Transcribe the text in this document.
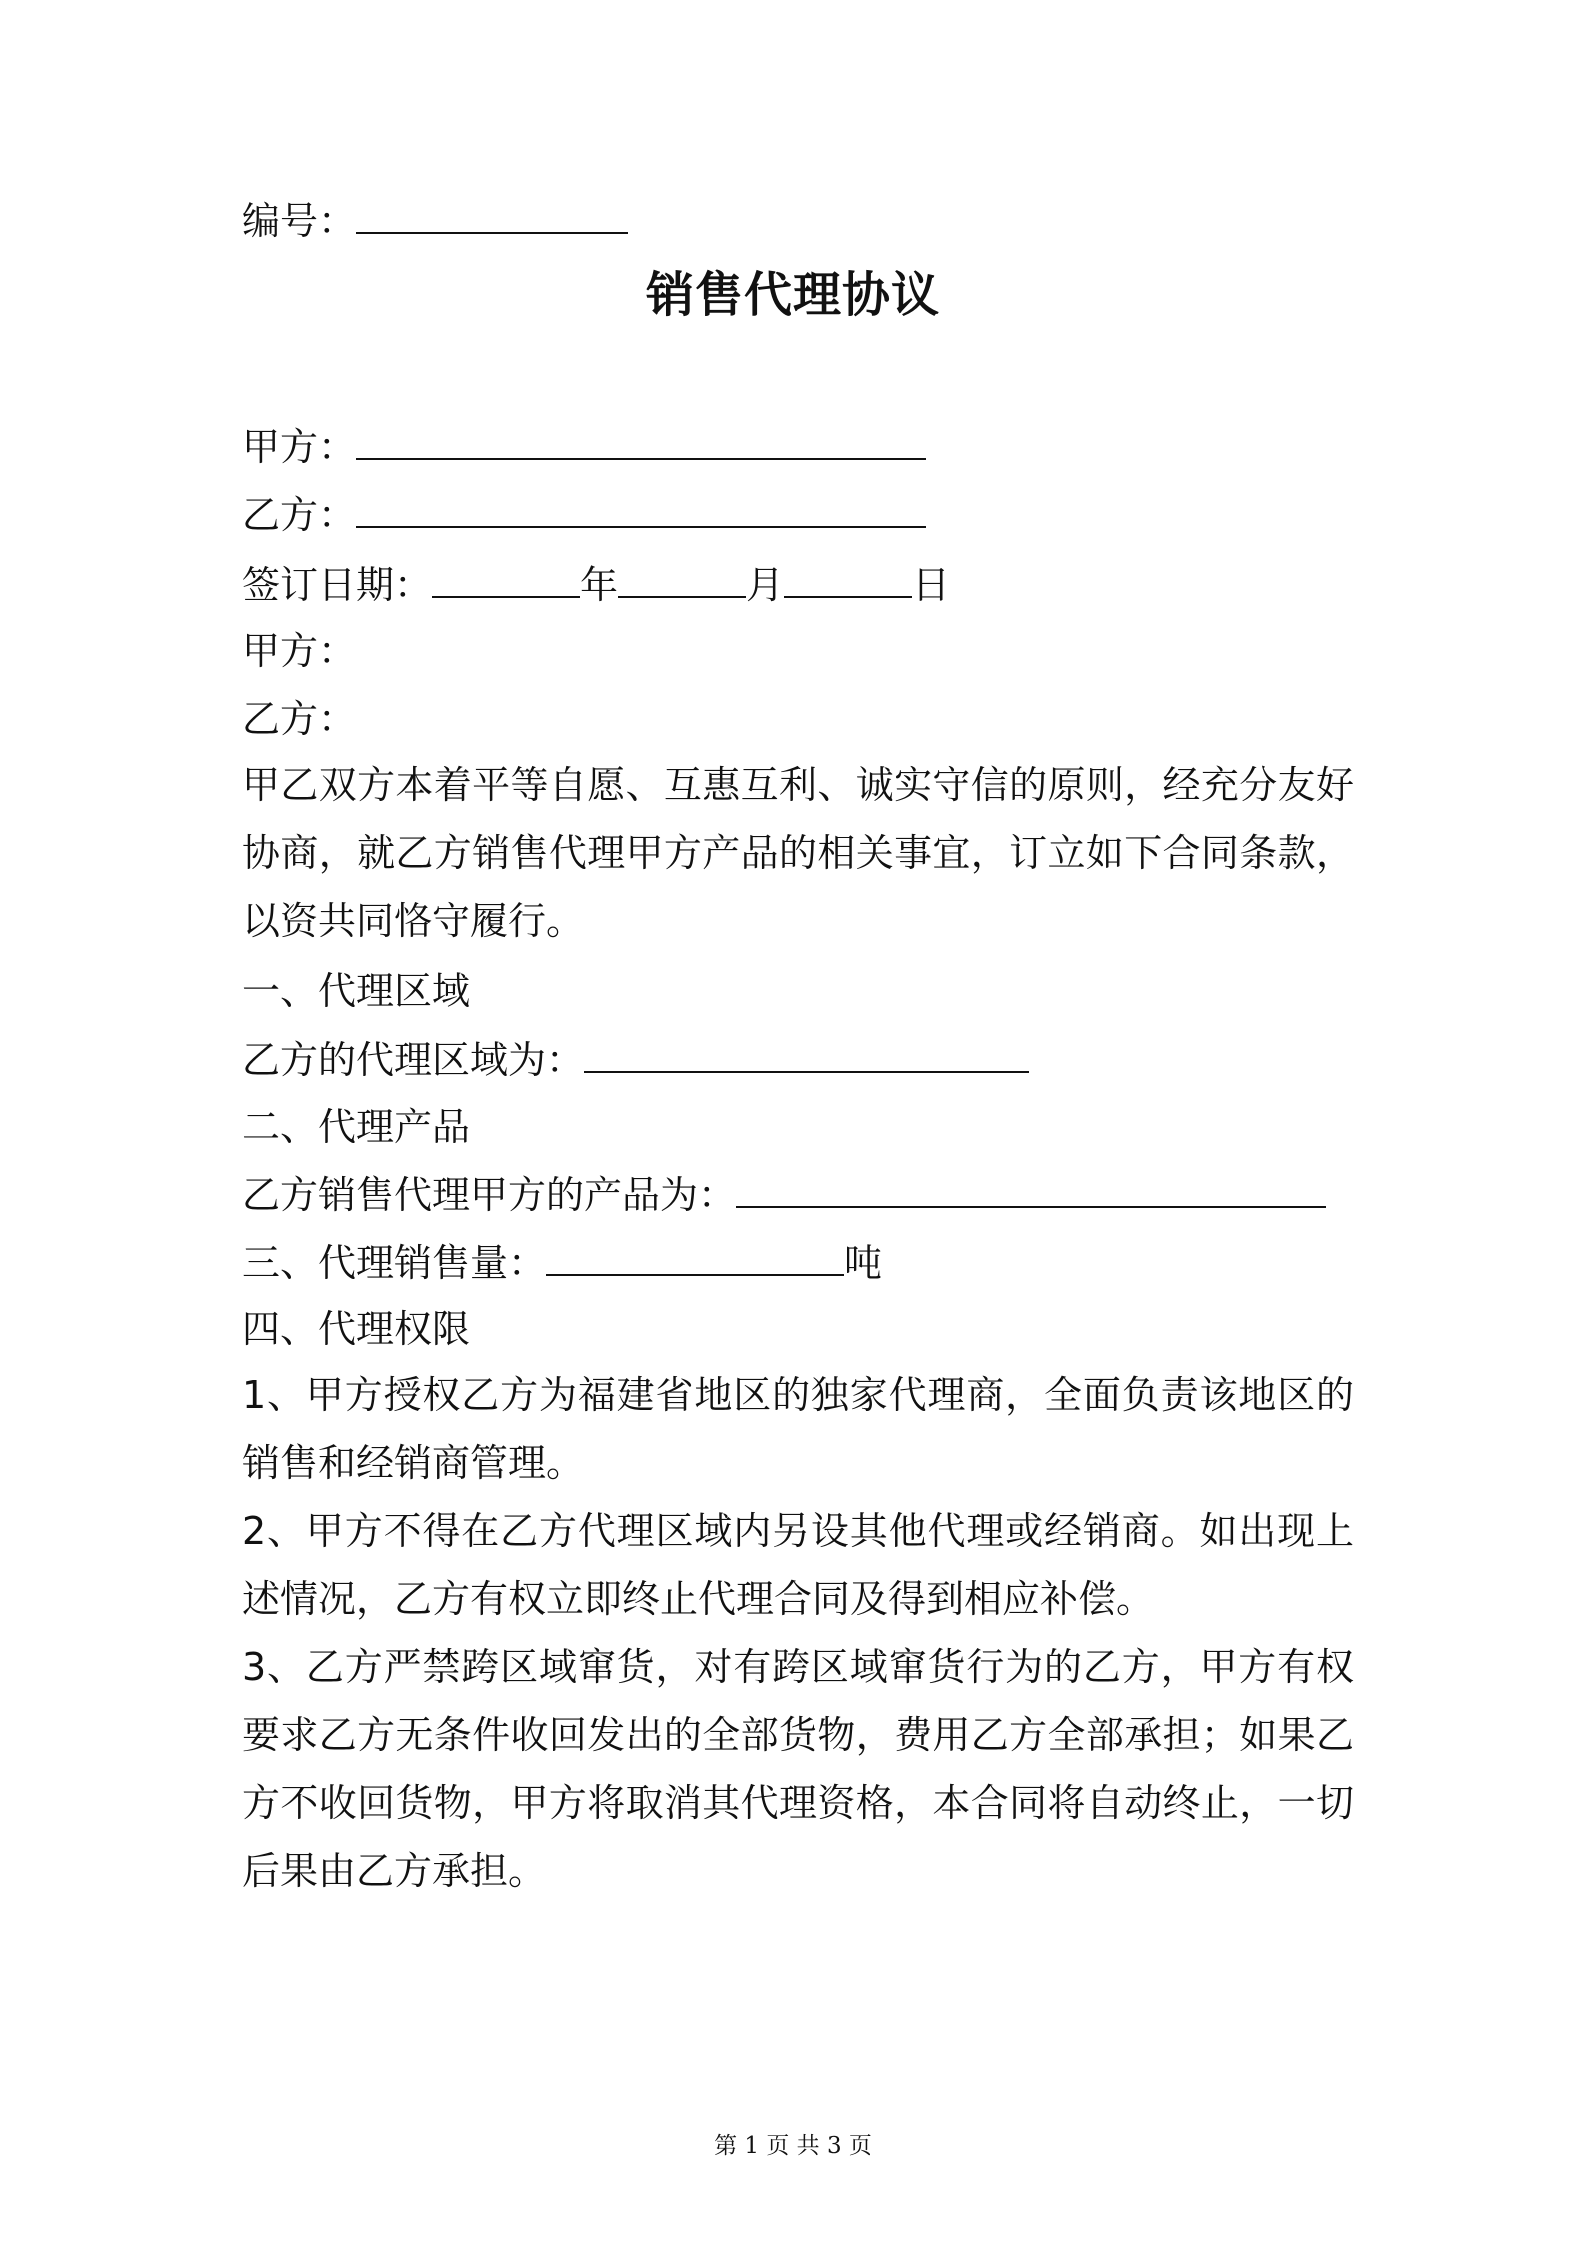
编号：
销售代理协议
甲方：
乙方：
签订日期：	年	月	日
甲方：
乙方：
甲乙双方本着平等自愿、互惠互利、诚实守信的原则，经充分友好协商，就乙方销售代理甲方产品的相关事宜，订立如下合同条款，以资共同恪守履行。
一、代理区域
乙方的代理区域为：
二、代理产品
乙方销售代理甲方的产品为：
三、代理销售量：	吨
四、代理权限
1、甲方授权乙方为福建省地区的独家代理商，全面负责该地区的销售和经销商管理。
2、甲方不得在乙方代理区域内另设其他代理或经销商。如出现上述情况，乙方有权立即终止代理合同及得到相应补偿。
3、乙方严禁跨区域窜货，对有跨区域窜货行为的乙方，甲方有权要求乙方无条件收回发出的全部货物，费用乙方全部承担；如果乙方不收回货物，甲方将取消其代理资格，本合同将自动终止，一切后果由乙方承担。
第 1 页 共 3 页
